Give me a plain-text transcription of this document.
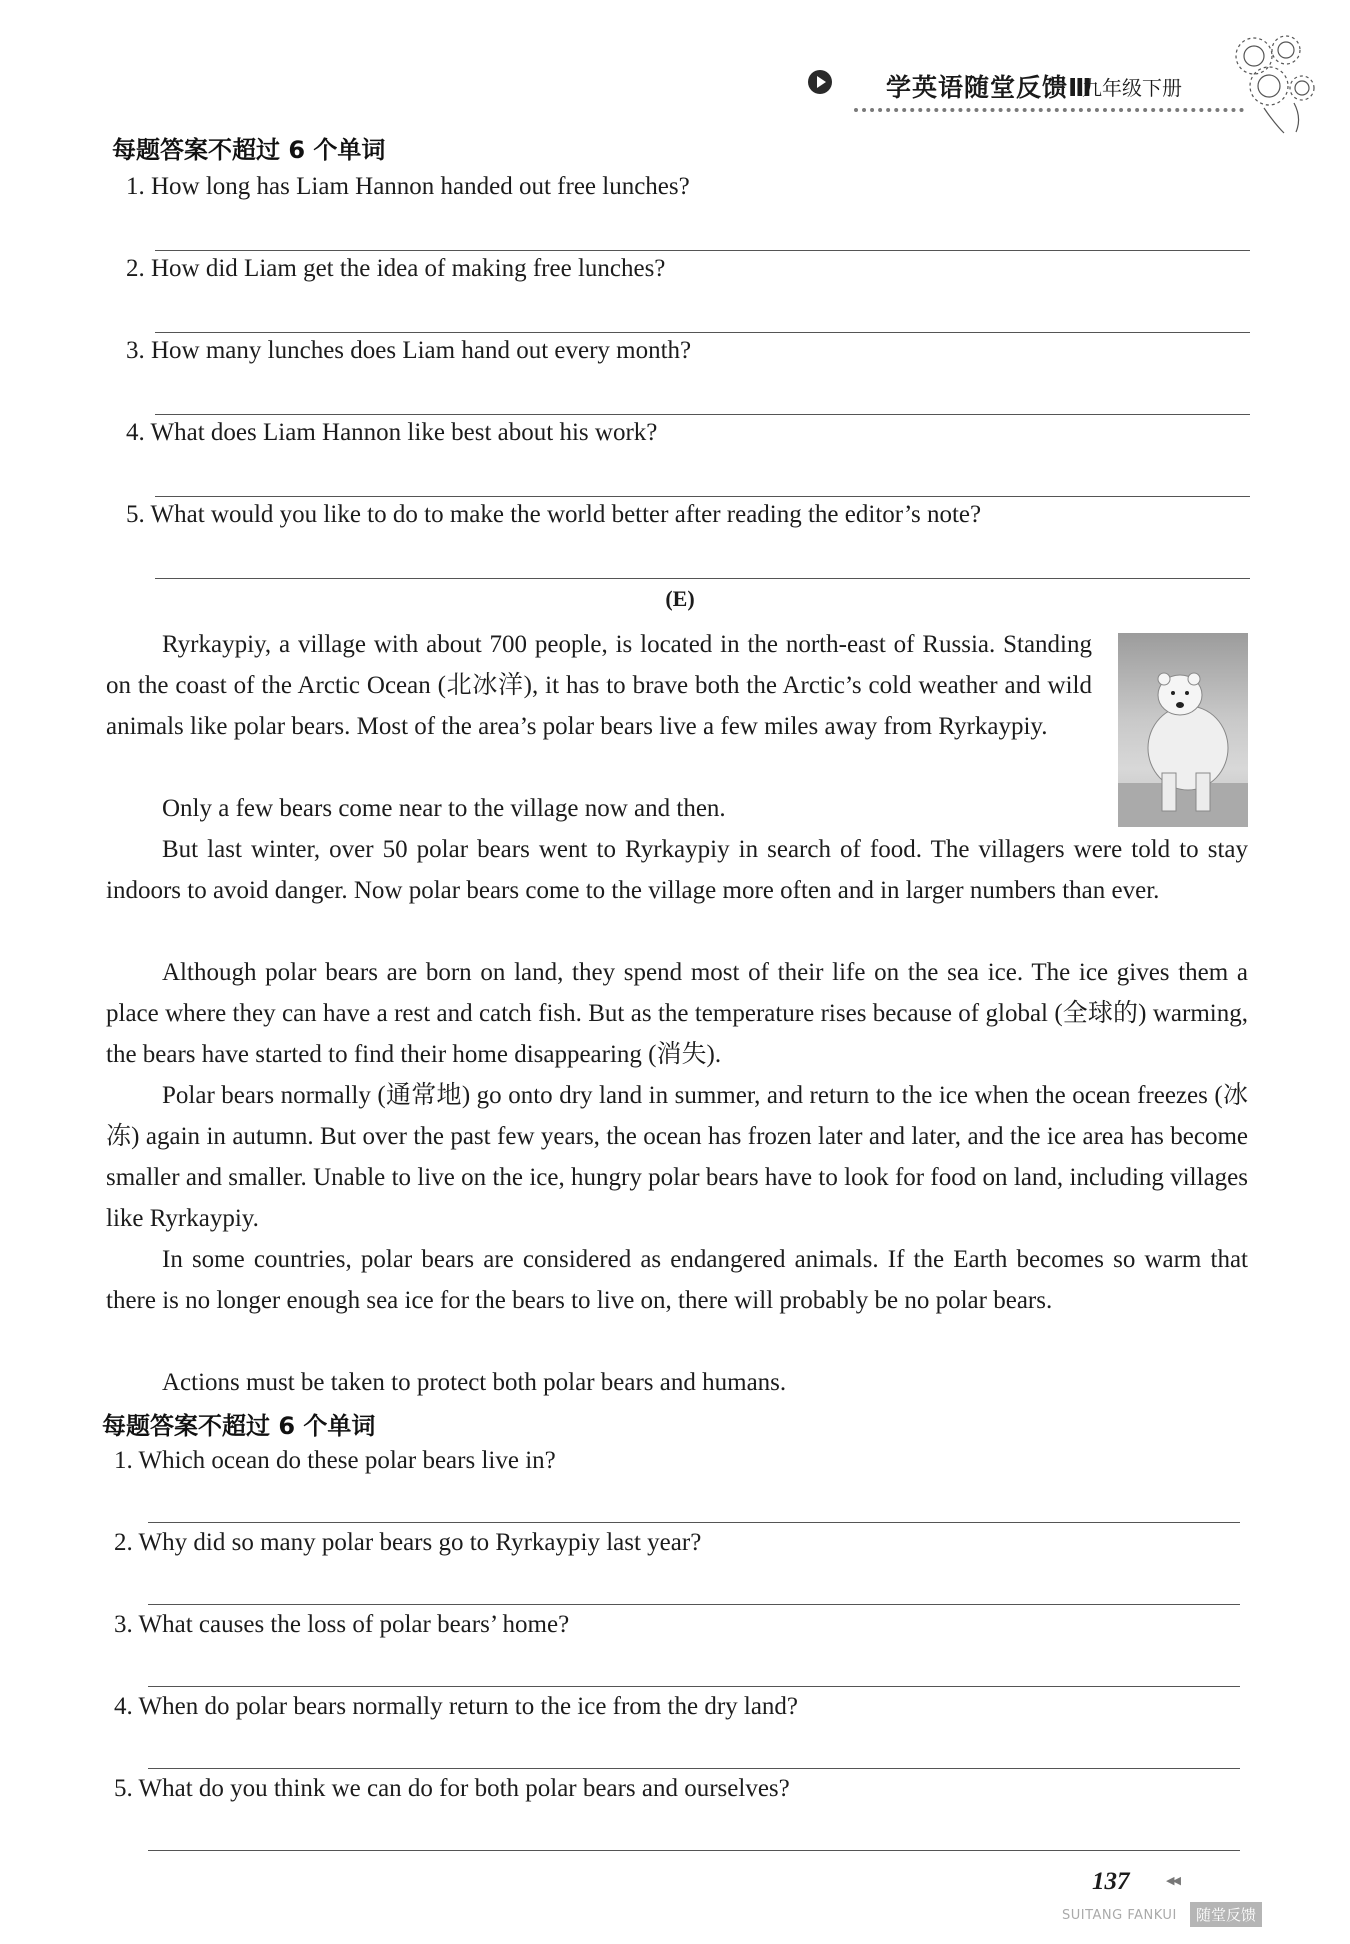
学英语随堂反馈Ⅲ
九年级下册
每题答案不超过 6 个单词
1. How long has Liam Hannon handed out free lunches?
2. How did Liam get the idea of making free lunches?
3. How many lunches does Liam hand out every month?
4. What does Liam Hannon like best about his work?
5. What would you like to do to make the world better after reading the editor’s note?
(E)
Ryrkaypiy, a village with about 700 people, is located in the north-east of Russia. Standing on the coast of the Arctic Ocean (北冰洋), it has to brave both the Arctic’s cold weather and wild animals like polar bears. Most of the area’s polar bears live a few miles away from Ryrkaypiy.
Only a few bears come near to the village now and then.
But last winter, over 50 polar bears went to Ryrkaypiy in search of food. The villagers were told to stay indoors to avoid danger. Now polar bears come to the village more often and in larger numbers than ever.
Although polar bears are born on land, they spend most of their life on the sea ice. The ice gives them a place where they can have a rest and catch fish. But as the temperature rises because of global (全球的) warming, the bears have started to find their home disappearing (消失).
Polar bears normally (通常地) go onto dry land in summer, and return to the ice when the ocean freezes (冰冻) again in autumn. But over the past few years, the ocean has frozen later and later, and the ice area has become smaller and smaller. Unable to live on the ice, hungry polar bears have to look for food on land, including villages like Ryrkaypiy.
In some countries, polar bears are considered as endangered animals. If the Earth becomes so warm that there is no longer enough sea ice for the bears to live on, there will probably be no polar bears.
Actions must be taken to protect both polar bears and humans.
每题答案不超过 6 个单词
1. Which ocean do these polar bears live in?
2. Why did so many polar bears go to Ryrkaypiy last year?
3. What causes the loss of polar bears’ home?
4. When do polar bears normally return to the ice from the dry land?
5. What do you think we can do for both polar bears and ourselves?
137	◀◀
SUITANG FANKUI	随堂反馈
